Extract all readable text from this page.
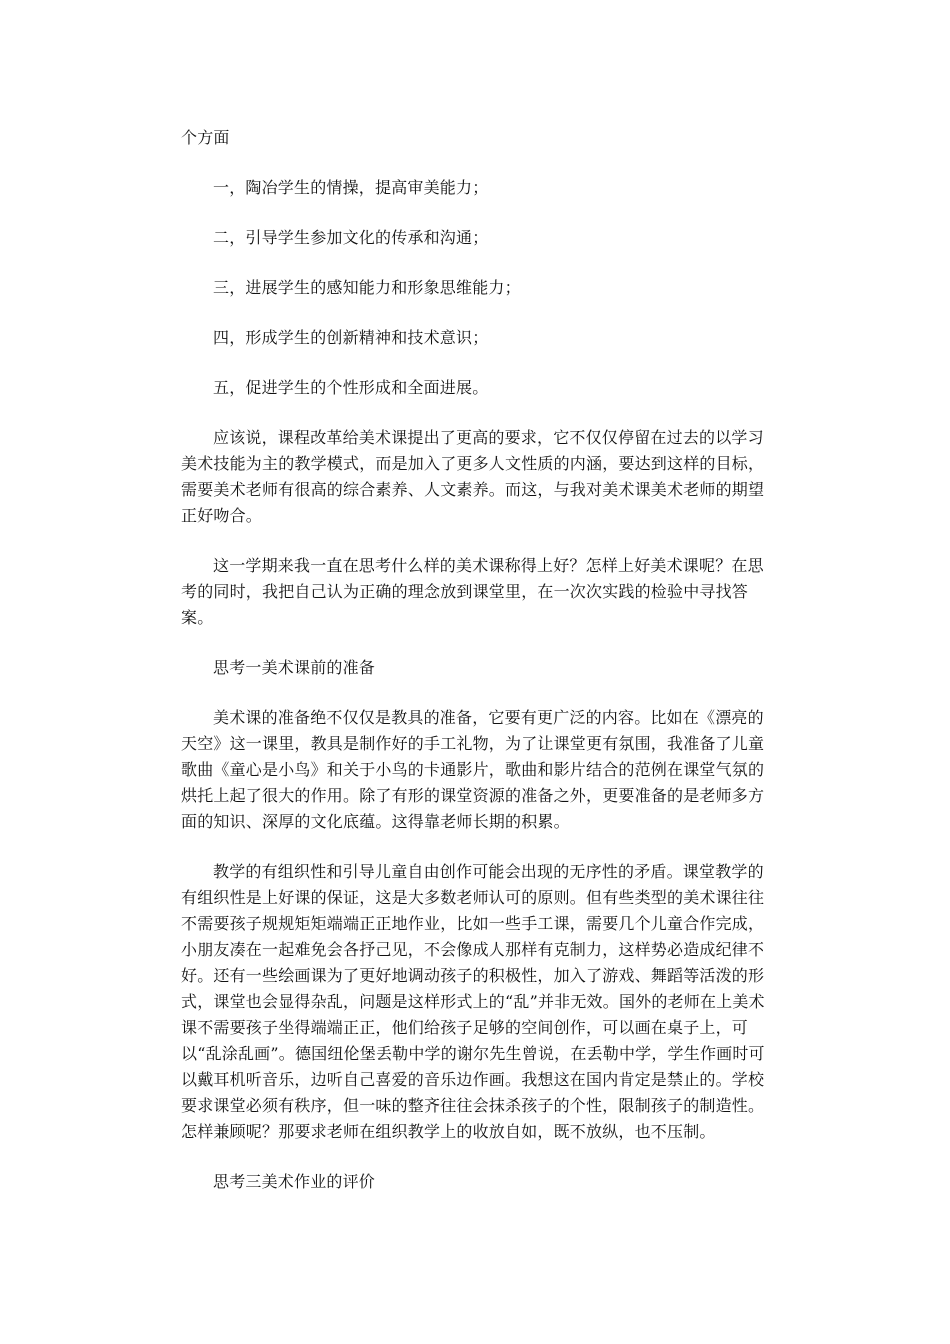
个方面

一，陶冶学生的情操，提高审美能力；

二，引导学生参加文化的传承和沟通；

三，进展学生的感知能力和形象思维能力；

四，形成学生的创新精神和技术意识；

五，促进学生的个性形成和全面进展。

应该说，课程改革给美术课提出了更高的要求，它不仅仅停留在过去的以学习美术技能为主的教学模式，而是加入了更多人文性质的内涵，要达到这样的目标，需要美术老师有很高的综合素养、人文素养。而这，与我对美术课美术老师的期望正好吻合。

这一学期来我一直在思考什么样的美术课称得上好？怎样上好美术课呢？在思考的同时，我把自己认为正确的理念放到课堂里，在一次次实践的检验中寻找答案。

思考一美术课前的准备

美术课的准备绝不仅仅是教具的准备，它要有更广泛的内容。比如在《漂亮的天空》这一课里，教具是制作好的手工礼物，为了让课堂更有氛围，我准备了儿童歌曲《童心是小鸟》和关于小鸟的卡通影片，歌曲和影片结合的范例在课堂气氛的烘托上起了很大的作用。除了有形的课堂资源的准备之外，更要准备的是老师多方面的知识、深厚的文化底蕴。这得靠老师长期的积累。

教学的有组织性和引导儿童自由创作可能会出现的无序性的矛盾。课堂教学的有组织性是上好课的保证，这是大多数老师认可的原则。但有些类型的美术课往往不需要孩子规规矩矩端端正正地作业，比如一些手工课，需要几个儿童合作完成，小朋友凑在一起难免会各抒己见，不会像成人那样有克制力，这样势必造成纪律不好。还有一些绘画课为了更好地调动孩子的积极性，加入了游戏、舞蹈等活泼的形式，课堂也会显得杂乱，问题是这样形式上的“乱”并非无效。国外的老师在上美术课不需要孩子坐得端端正正，他们给孩子足够的空间创作，可以画在桌子上，可以“乱涂乱画”。德国纽伦堡丢勒中学的谢尔先生曾说，在丢勒中学，学生作画时可以戴耳机听音乐，边听自己喜爱的音乐边作画。我想这在国内肯定是禁止的。学校要求课堂必须有秩序，但一味的整齐往往会抹杀孩子的个性，限制孩子的制造性。怎样兼顾呢？那要求老师在组织教学上的收放自如，既不放纵，也不压制。

思考三美术作业的评价
